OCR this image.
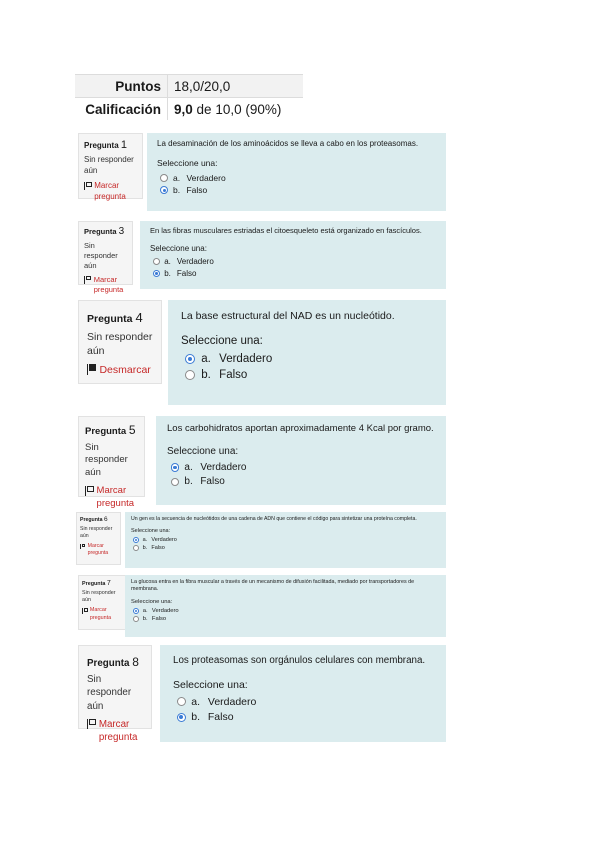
Puntos	18,0/20,0
Calificación	9,0 de 10,0 (90%)
Pregunta 1
Sin responder aún
Marcar pregunta
La desaminación de los aminoácidos se lleva a cabo en los proteasomas.
Seleccione una:
a. Verdadero
b. Falso
Pregunta 3
Sin responder aún
Marcar pregunta
En las fibras musculares estriadas el citoesqueleto está organizado en fascículos.
Seleccione una:
a. Verdadero
b. Falso
Pregunta 4
Sin responder aún
Desmarcar
La base estructural del NAD es un nucleótido.
Seleccione una:
a. Verdadero
b. Falso
Pregunta 5
Sin responder aún
Marcar pregunta
Los carbohidratos aportan aproximadamente 4 Kcal por gramo.
Seleccione una:
a. Verdadero
b. Falso
Pregunta 6
Sin responder aún
Marcar pregunta
Un gen es la secuencia de nucleótidos de una cadena de ADN que contiene el código para sintetizar una proteína completa.
Seleccione una:
a. Verdadero
b. Falso
Pregunta 7
Sin responder aún
Marcar pregunta
La glucosa entra en la fibra muscular a través de un mecanismo de difusión facilitada, mediado por transportadores de membrana.
Seleccione una:
a. Verdadero
b. Falso
Pregunta 8
Sin responder aún
Marcar pregunta
Los proteasomas son orgánulos celulares con membrana.
Seleccione una:
a. Verdadero
b. Falso
